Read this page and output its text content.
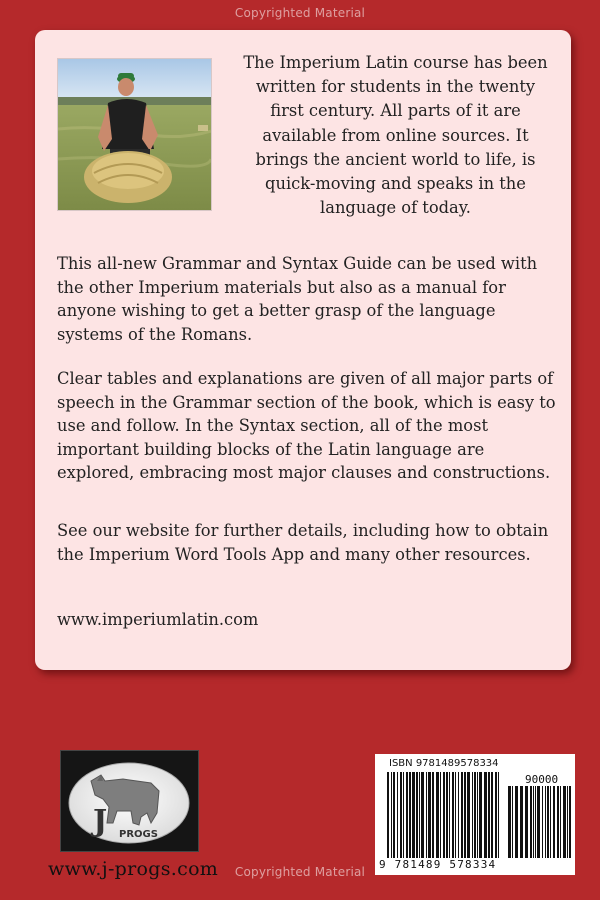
Copyrighted Material

The Imperium Latin course has been written for students in the twenty first century. All parts of it are available from online sources. It brings the ancient world to life, is quick-moving and speaks in the language of today.

This all-new Grammar and Syntax Guide can be used with the other Imperium materials but also as a manual for anyone wishing to get a better grasp of the language systems of the Romans.

Clear tables and explanations are given of all major parts of speech in the Grammar section of the book, which is easy to use and follow. In the Syntax section, all of the most important building blocks of the Latin language are explored, embracing most major clauses and constructions.

See our website for further details, including how to obtain the Imperium Word Tools App and many other resources.

www.imperiumlatin.com

J PROGS

www.j-progs.com

ISBN 9781489578334

90000

9 781489 578334

Copyrighted Material
